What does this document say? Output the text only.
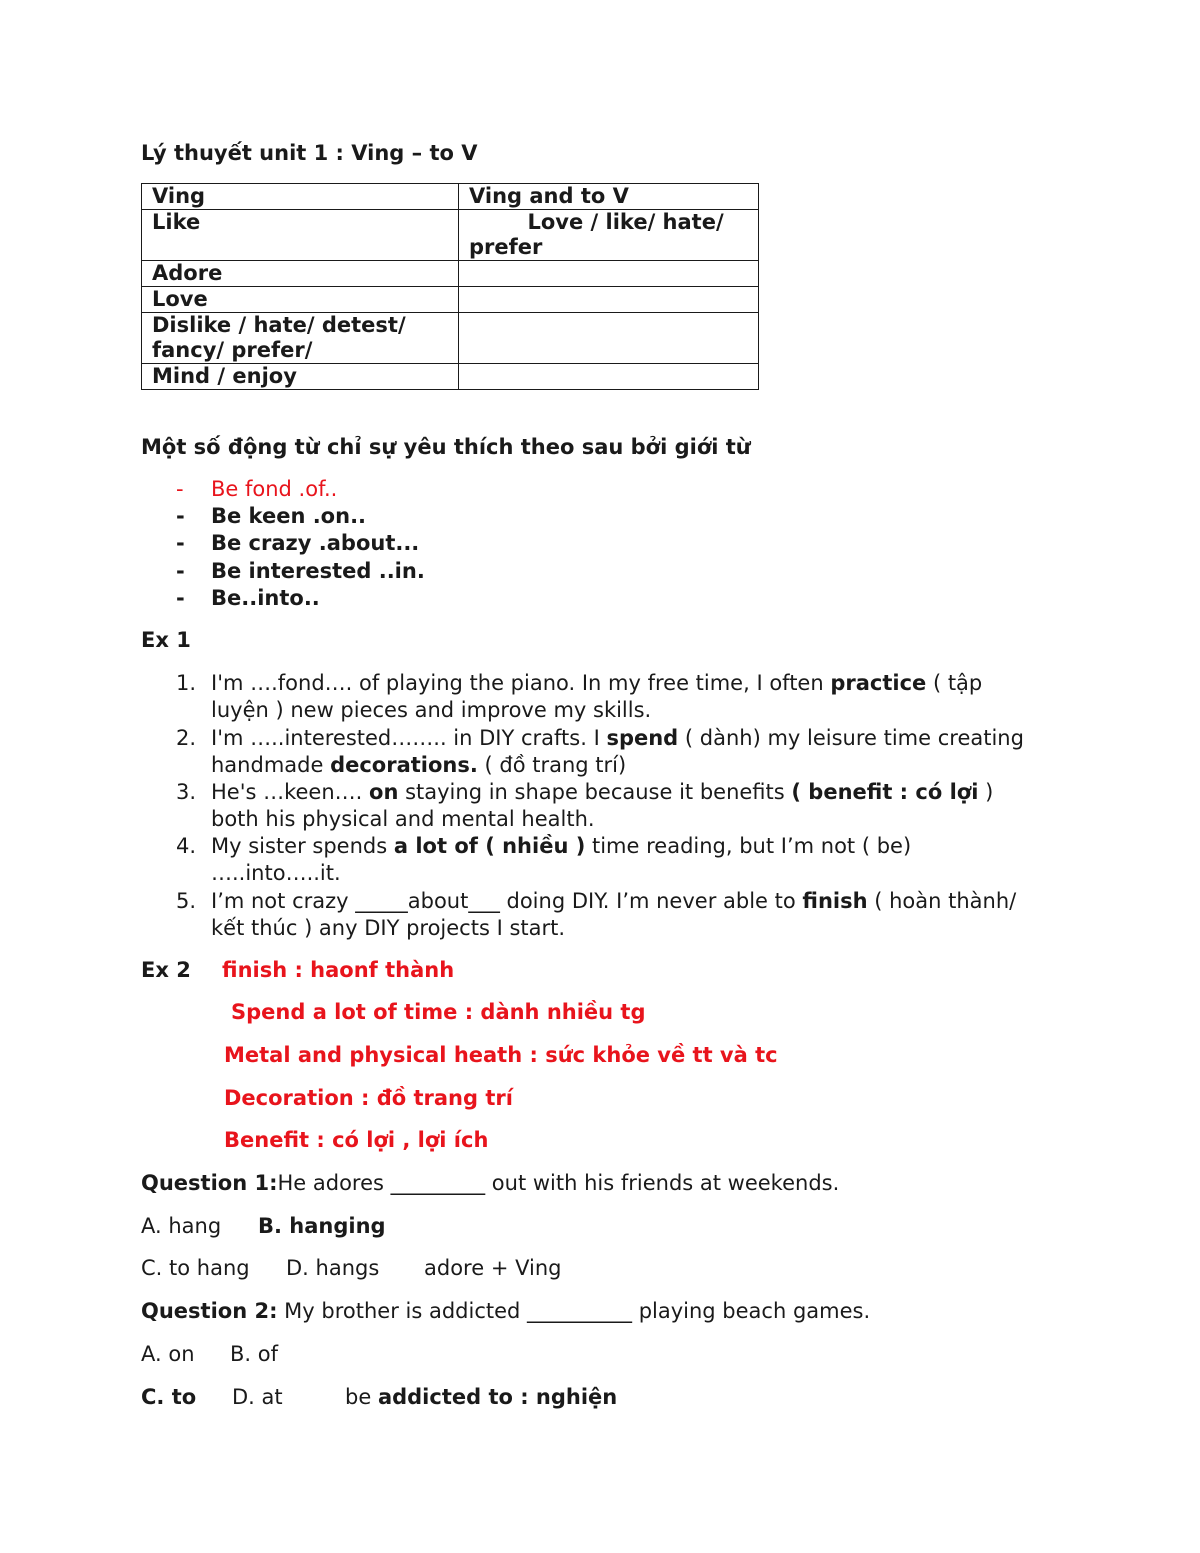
Lý thuyết unit 1 : Ving – to V
Ving	Ving and to V
Like	Love / like/ hate/ prefer
Adore	
Love	
Dislike / hate/ detest/ fancy/ prefer/	
Mind / enjoy	
Một số động từ chỉ sự yêu thích theo sau bởi giới từ
-	Be fond .of..
-	Be keen .on..
-	Be crazy .about...
-	Be interested ..in.
-	Be..into..
Ex 1
1. I'm ….fond…. of playing the piano. In my free time, I often practice ( tập
luyện ) new pieces and improve my skills.
2. I'm …..interested…….. in DIY crafts. I spend ( dành) my leisure time creating
handmade decorations. ( đồ trang trí)
3. He's …keen…. on staying in shape because it benefits ( benefit : có lợi )
both his physical and mental health.
4. My sister spends a lot of ( nhiều ) time reading, but I’m not ( be)
…..into…..it.
5. I’m not crazy _____about___ doing DIY. I’m never able to finish ( hoàn thành/
kết thúc ) any DIY projects I start.
Ex 2 finish : haonf thành
Spend a lot of time : dành nhiều tg
Metal and physical heath : sức khỏe về tt và tc
Decoration : đồ trang trí
Benefit : có lợi , lợi ích
Question 1:He adores _________ out with his friends at weekends.
A. hang B. hanging
C. to hang D. hangs adore + Ving
Question 2: My brother is addicted __________ playing beach games.
A. on B. of
C. to D. at	be addicted to : nghiện
